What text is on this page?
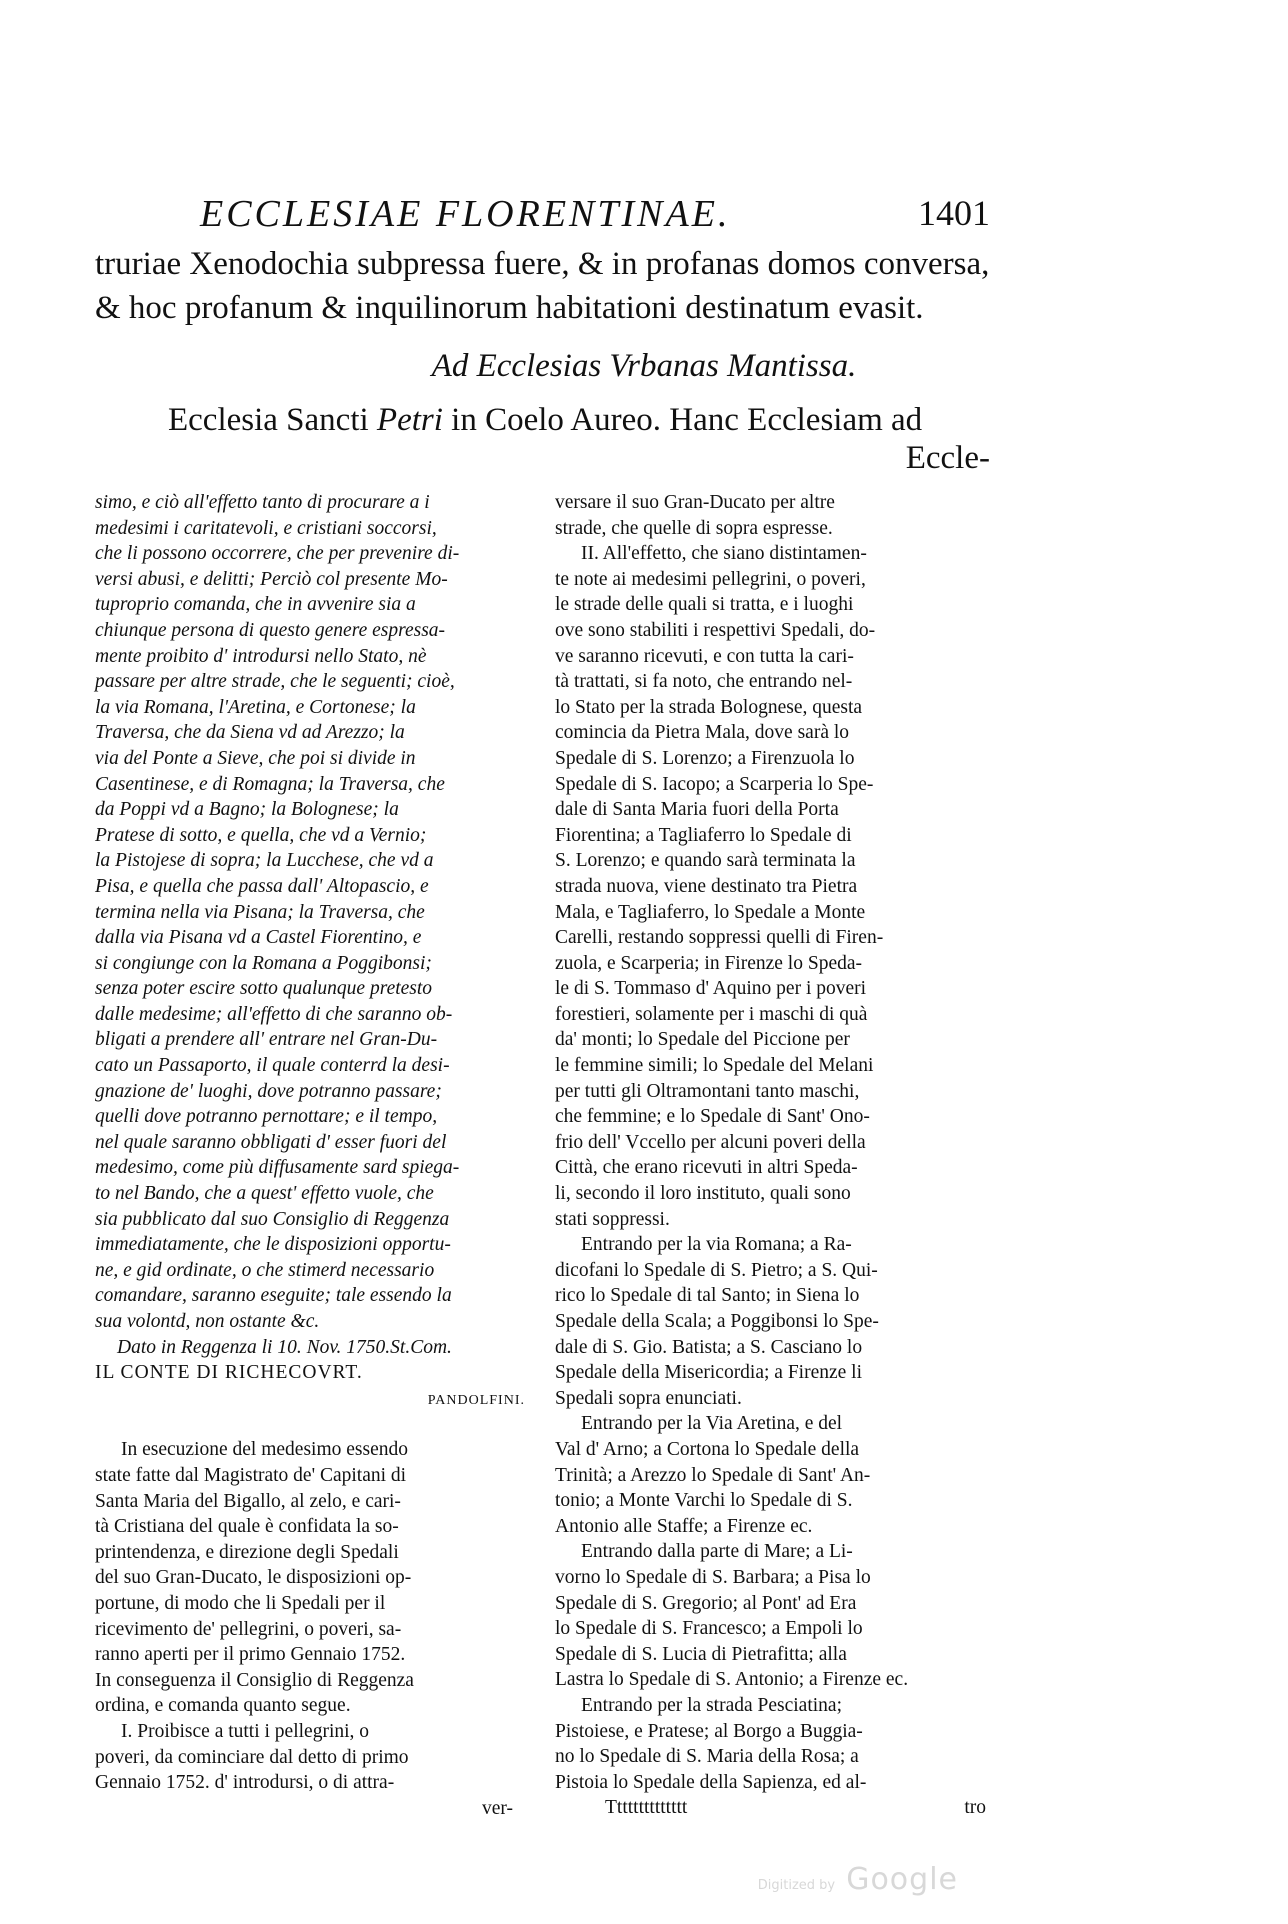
ECCLESIAE FLORENTINAE.	1401

truriae Xenodochia subpressa fuere, & in profanas domos conversa,

& hoc profanum & inquilinorum habitationi destinatum evasit.

Ad Ecclesias Vrbanas Mantissa.
Ecclesia Sancti Petri in Coelo Aureo. Hanc Ecclesiam ad
Eccle-

simo, e ciò all'effetto tanto di procurare a i

medesimi i caritatevoli, e cristiani soccorsi,

che li possono occorrere, che per prevenire di-

versi abusi, e delitti; Perciò col presente Mo-

tuproprio comanda, che in avvenire sia a

chiunque persona di questo genere espressa-

mente proibito d' introdursi nello Stato, nè

passare per altre strade, che le seguenti; cioè,

la via Romana, l'Aretina, e Cortonese; la

Traversa, che da Siena vd ad Arezzo; la

via del Ponte a Sieve, che poi si divide in

Casentinese, e di Romagna; la Traversa, che

da Poppi vd a Bagno; la Bolognese; la

Pratese di sotto, e quella, che vd a Vernio;

la Pistojese di sopra; la Lucchese, che vd a

Pisa, e quella che passa dall' Altopascio, e

termina nella via Pisana; la Traversa, che

dalla via Pisana vd a Castel Fiorentino, e

si congiunge con la Romana a Poggibonsi;

senza poter escire sotto qualunque pretesto

dalle medesime; all'effetto di che saranno ob-

bligati a prendere all' entrare nel Gran-Du-

cato un Passaporto, il quale conterrd la desi-

gnazione de' luoghi, dove potranno passare;

quelli dove potranno pernottare; e il tempo,

nel quale saranno obbligati d' esser fuori del

medesimo, come più diffusamente sard spiega-

to nel Bando, che a quest' effetto vuole, che

sia pubblicato dal suo Consiglio di Reggenza

immediatamente, che le disposizioni opportu-

ne, e gid ordinate, o che stimerd necessario

comandare, saranno eseguite; tale essendo la

sua volontd, non ostante &c.

Dato in Reggenza li 10. Nov. 1750.St.Com.

IL CONTE DI RICHECOVRT.

PANDOLFINI.

In esecuzione del medesimo essendo

state fatte dal Magistrato de' Capitani di

Santa Maria del Bigallo, al zelo, e cari-

tà Cristiana del quale è confidata la so-

printendenza, e direzione degli Spedali

del suo Gran-Ducato, le disposizioni op-

portune, di modo che li Spedali per il

ricevimento de' pellegrini, o poveri, sa-

ranno aperti per il primo Gennaio 1752.

In conseguenza il Consiglio di Reggenza

ordina, e comanda quanto segue.

I. Proibisce a tutti i pellegrini, o

poveri, da cominciare dal detto di primo

Gennaio 1752. d' introdursi, o di attra-

ver-

versare il suo Gran-Ducato per altre

strade, che quelle di sopra espresse.

II. All'effetto, che siano distintamen-

te note ai medesimi pellegrini, o poveri,

le strade delle quali si tratta, e i luoghi

ove sono stabiliti i respettivi Spedali, do-

ve saranno ricevuti, e con tutta la cari-

tà trattati, si fa noto, che entrando nel-

lo Stato per la strada Bolognese, questa

comincia da Pietra Mala, dove sarà lo

Spedale di S. Lorenzo; a Firenzuola lo

Spedale di S. Iacopo; a Scarperia lo Spe-

dale di Santa Maria fuori della Porta

Fiorentina; a Tagliaferro lo Spedale di

S. Lorenzo; e quando sarà terminata la

strada nuova, viene destinato tra Pietra

Mala, e Tagliaferro, lo Spedale a Monte

Carelli, restando soppressi quelli di Firen-

zuola, e Scarperia; in Firenze lo Speda-

le di S. Tommaso d' Aquino per i poveri

forestieri, solamente per i maschi di quà

da' monti; lo Spedale del Piccione per

le femmine simili; lo Spedale del Melani

per tutti gli Oltramontani tanto maschi,

che femmine; e lo Spedale di Sant' Ono-

frio dell' Vccello per alcuni poveri della

Città, che erano ricevuti in altri Speda-

li, secondo il loro instituto, quali sono

stati soppressi.

Entrando per la via Romana; a Ra-

dicofani lo Spedale di S. Pietro; a S. Qui-

rico lo Spedale di tal Santo; in Siena lo

Spedale della Scala; a Poggibonsi lo Spe-

dale di S. Gio. Batista; a S. Casciano lo

Spedale della Misericordia; a Firenze li

Spedali sopra enunciati.

Entrando per la Via Aretina, e del

Val d' Arno; a Cortona lo Spedale della

Trinità; a Arezzo lo Spedale di Sant' An-

tonio; a Monte Varchi lo Spedale di S.

Antonio alle Staffe; a Firenze ec.

Entrando dalla parte di Mare; a Li-

vorno lo Spedale di S. Barbara; a Pisa lo

Spedale di S. Gregorio; al Pont' ad Era

lo Spedale di S. Francesco; a Empoli lo

Spedale di S. Lucia di Pietrafitta; alla

Lastra lo Spedale di S. Antonio; a Firenze ec.

Entrando per la strada Pesciatina;

Pistoiese, e Pratese; al Borgo a Buggia-

no lo Spedale di S. Maria della Rosa; a

Pistoia lo Spedale della Sapienza, ed al-

Tttttttttttttt	tro
Digitized by Google
